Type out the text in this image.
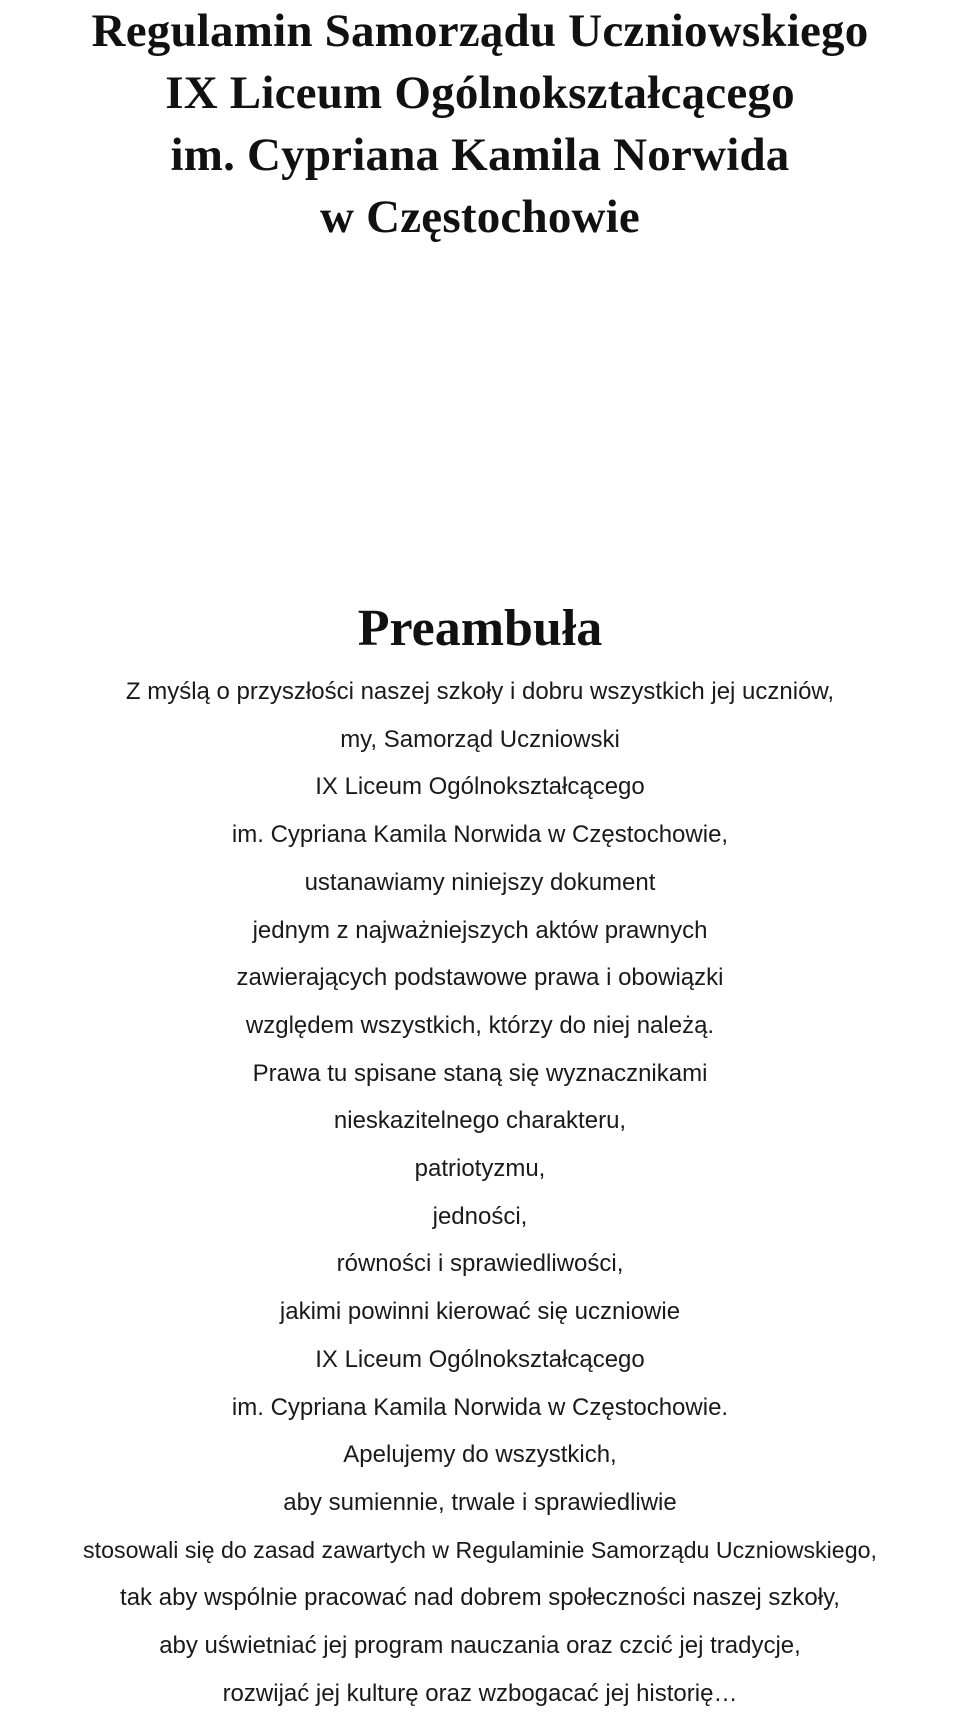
Regulamin Samorządu Uczniowskiego
IX Liceum Ogólnokształcącego
im. Cypriana Kamila Norwida
w Częstochowie
Preambuła
Z myślą o przyszłości naszej szkoły i dobru wszystkich jej uczniów,
my, Samorząd Uczniowski
IX Liceum Ogólnokształcącego
im. Cypriana Kamila Norwida w Częstochowie,
ustanawiamy niniejszy dokument
jednym z najważniejszych aktów prawnych
zawierających podstawowe prawa i obowiązki
względem wszystkich, którzy do niej należą.
Prawa tu spisane staną się wyznacznikami
nieskazitelnego charakteru,
patriotyzmu,
jedności,
równości i sprawiedliwości,
jakimi powinni kierować się uczniowie
IX Liceum Ogólnokształcącego
im. Cypriana Kamila Norwida w Częstochowie.
Apelujemy do wszystkich,
aby sumiennie, trwale i sprawiedliwie
stosowali się do zasad zawartych w Regulaminie Samorządu Uczniowskiego,
tak aby wspólnie pracować nad dobrem społeczności naszej szkoły,
aby uświetniać jej program nauczania oraz czcić jej tradycje,
rozwijać jej kulturę oraz wzbogacać jej historię…
